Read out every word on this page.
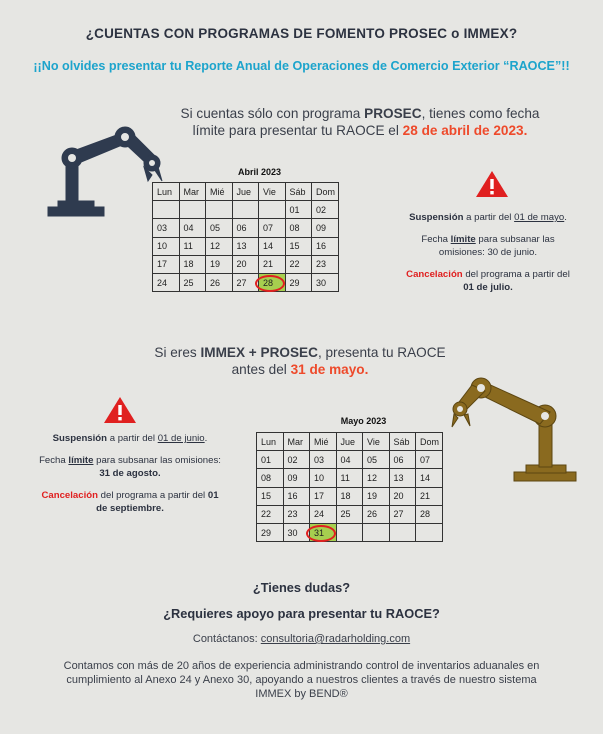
¿CUENTAS CON PROGRAMAS DE FOMENTO PROSEC o IMMEX?
¡¡No olvides presentar tu Reporte Anual de Operaciones de Comercio Exterior “RAOCE”!!
Si cuentas sólo con programa PROSEC, tienes como fecha
límite para presentar tu RAOCE el 28 de abril de 2023.
Abril 2023
Lun	Mar	Mié	Jue	Vie	Sáb	Dom
					01	02
03	04	05	06	07	08	09
10	11	12	13	14	15	16
17	18	19	20	21	22	23
24	25	26	27	28	29	30
Suspensión a partir del 01 de mayo.
Fecha límite para subsanar las
omisiones: 30 de junio.
Cancelación del programa a partir del
01 de julio.
Si eres IMMEX + PROSEC, presenta tu RAOCE
antes del 31 de mayo.
Suspensión a partir del 01 de junio.
Fecha límite para subsanar las omisiones:
31 de agosto.
Cancelación del programa a partir del 01
de septiembre.
Mayo 2023
Lun	Mar	Mié	Jue	Vie	Sáb	Dom
01	02	03	04	05	06	07
08	09	10	11	12	13	14
15	16	17	18	19	20	21
22	23	24	25	26	27	28
29	30	31

¿Tienes dudas?
¿Requieres apoyo para presentar tu RAOCE?
Contáctanos: consultoria@radarholding.com
Contamos con más de 20 años de experiencia administrando control de inventarios aduanales en
cumplimiento al Anexo 24 y Anexo 30, apoyando a nuestros clientes a través de nuestro sistema
IMMEX by BEND®
